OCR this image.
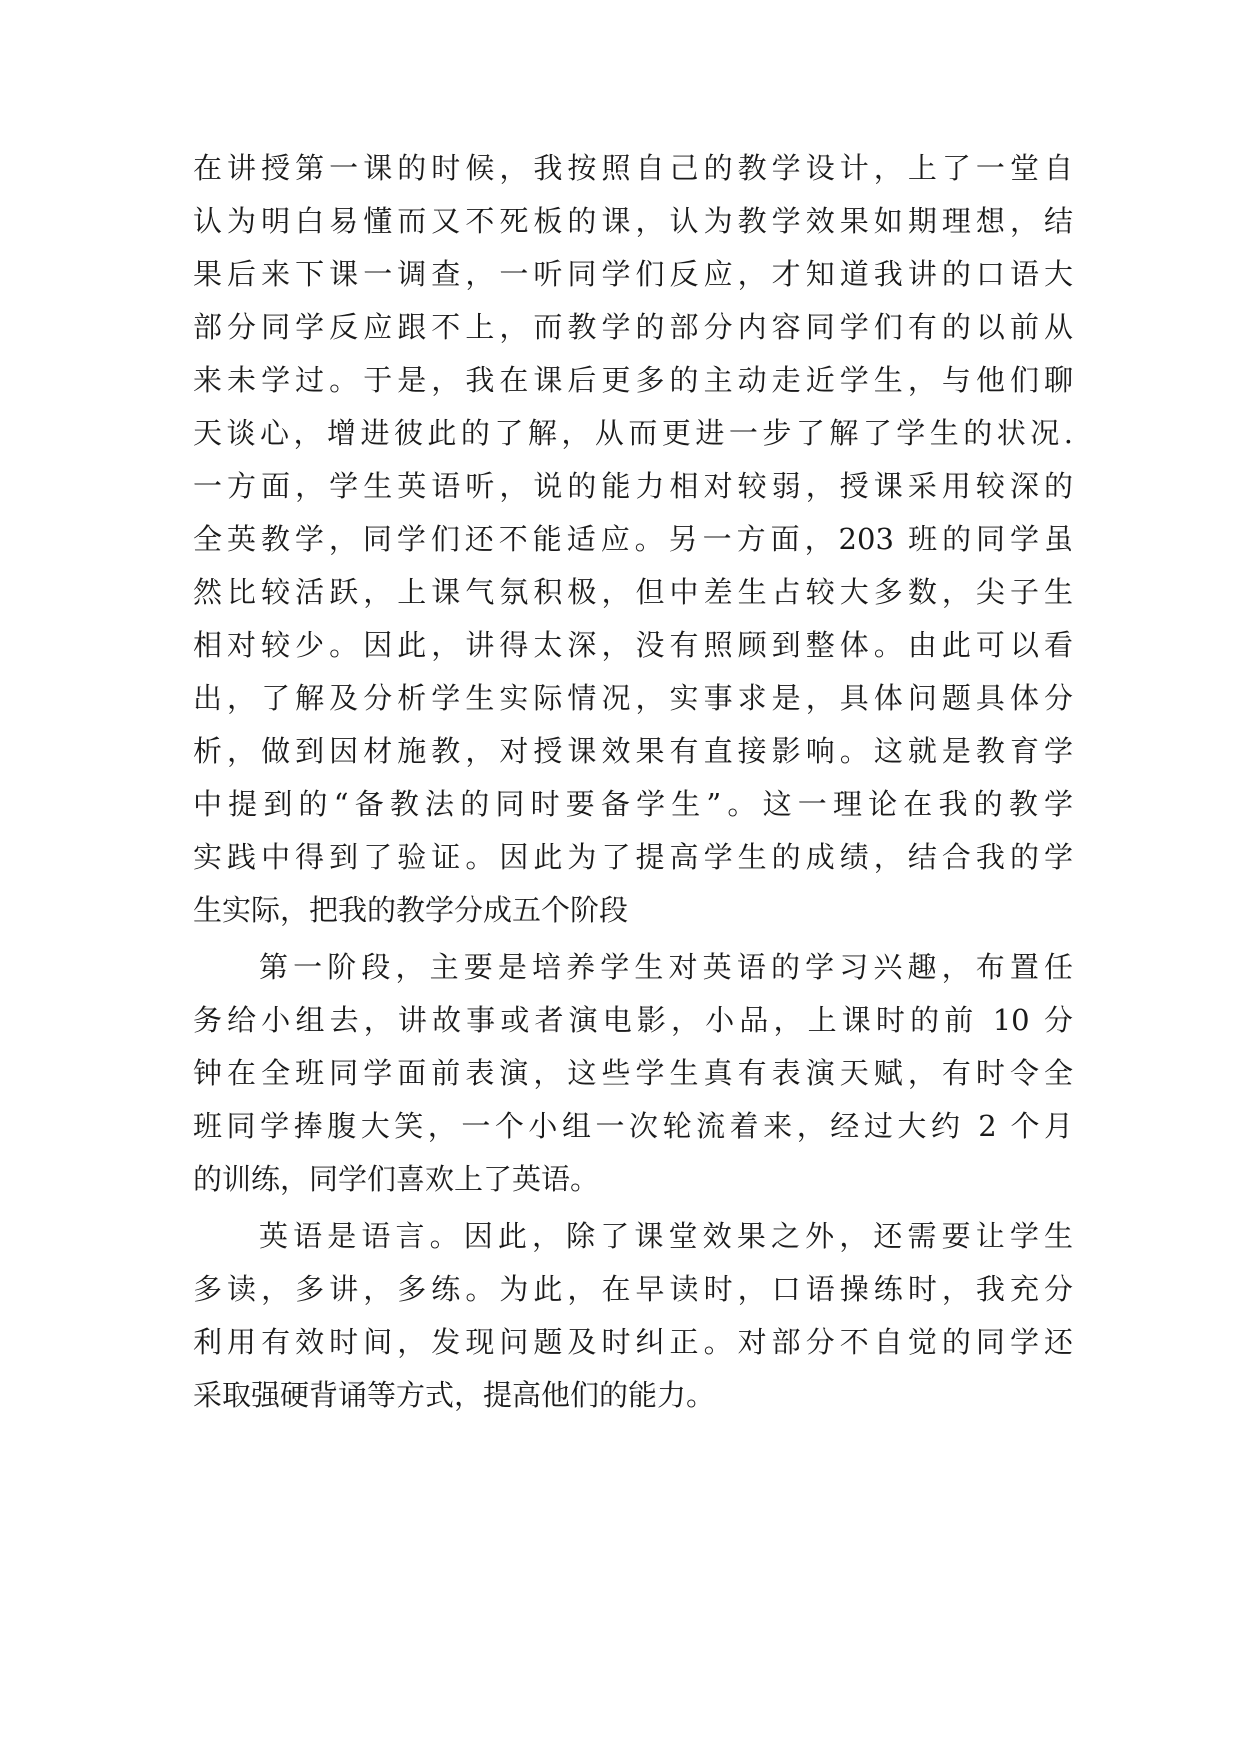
在讲授第一课的时候，我按照自己的教学设计，上了一堂自

认为明白易懂而又不死板的课，认为教学效果如期理想，结

果后来下课一调查，一听同学们反应，才知道我讲的口语大

部分同学反应跟不上，而教学的部分内容同学们有的以前从

来未学过。于是，我在课后更多的主动走近学生，与他们聊

天谈心，增进彼此的了解，从而更进一步了解了学生的状况.

一方面，学生英语听，说的能力相对较弱，授课采用较深的

全英教学，同学们还不能适应。另一方面，203 班的同学虽

然比较活跃，上课气氛积极，但中差生占较大多数，尖子生

相对较少。因此，讲得太深，没有照顾到整体。由此可以看

出，了解及分析学生实际情况，实事求是，具体问题具体分

析，做到因材施教，对授课效果有直接影响。这就是教育学

中提到的“备教法的同时要备学生”。这一理论在我的教学

实践中得到了验证。因此为了提高学生的成绩，结合我的学

生实际，把我的教学分成五个阶段

第一阶段，主要是培养学生对英语的学习兴趣，布置任

务给小组去，讲故事或者演电影，小品，上课时的前 10 分

钟在全班同学面前表演，这些学生真有表演天赋，有时令全

班同学捧腹大笑，一个小组一次轮流着来，经过大约 2 个月

的训练，同学们喜欢上了英语。

英语是语言。因此，除了课堂效果之外，还需要让学生

多读，多讲，多练。为此，在早读时，口语操练时，我充分

利用有效时间，发现问题及时纠正。对部分不自觉的同学还

采取强硬背诵等方式，提高他们的能力。
